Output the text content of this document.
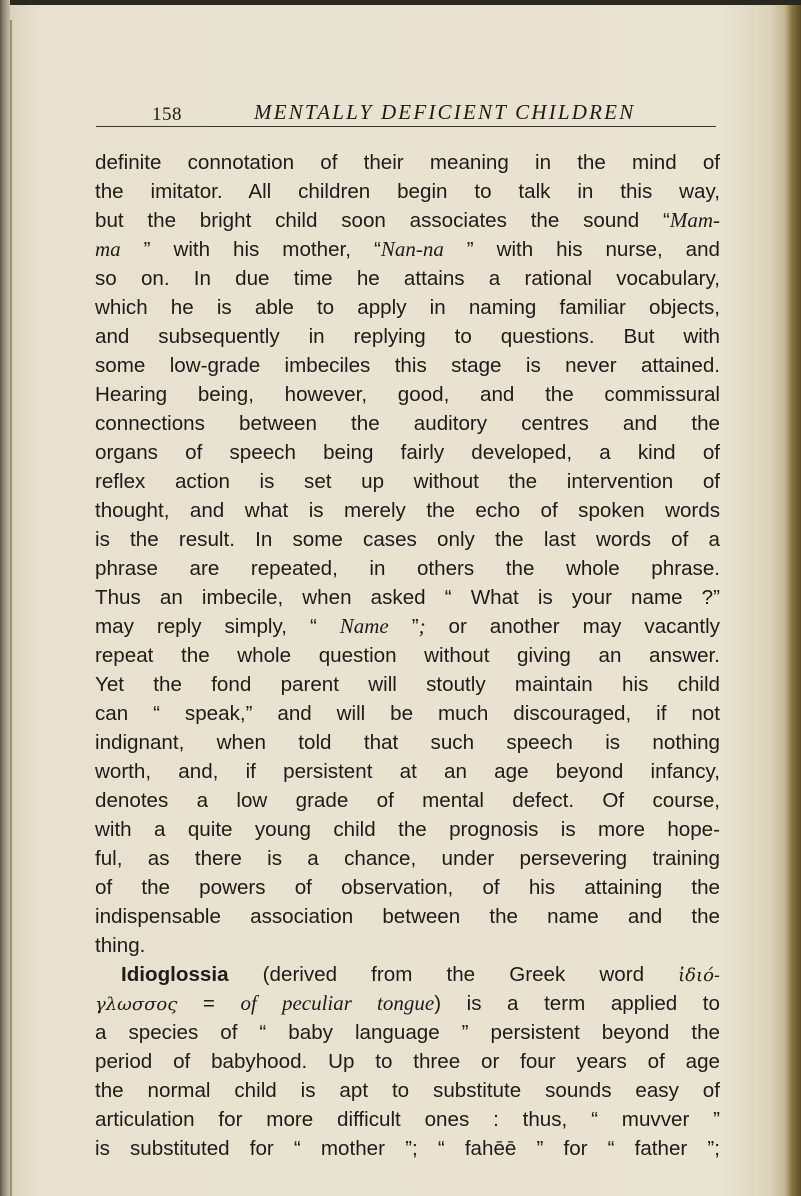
158	MENTALLY DEFICIENT CHILDREN
definite connotation of their meaning in the mind of
the imitator. All children begin to talk in this way,
but the bright child soon associates the sound “Mam-
ma ” with his mother, “Nan-na ” with his nurse, and
so on. In due time he attains a rational vocabulary,
which he is able to apply in naming familiar objects,
and subsequently in replying to questions. But with
some low-grade imbeciles this stage is never attained.
Hearing being, however, good, and the commissural
connections between the auditory centres and the
organs of speech being fairly developed, a kind of
reflex action is set up without the intervention of
thought, and what is merely the echo of spoken words
is the result. In some cases only the last words of a
phrase are repeated, in others the whole phrase.
Thus an imbecile, when asked “ What is your name ?”
may reply simply, “ Name ”; or another may vacantly
repeat the whole question without giving an answer.
Yet the fond parent will stoutly maintain his child
can “ speak,” and will be much discouraged, if not
indignant, when told that such speech is nothing
worth, and, if persistent at an age beyond infancy,
denotes a low grade of mental defect. Of course,
with a quite young child the prognosis is more hope-
ful, as there is a chance, under persevering training
of the powers of observation, of his attaining the
indispensable association between the name and the
thing.
Idioglossia (derived from the Greek word ἰδιό-
γλωσσος = of peculiar tongue) is a term applied to
a species of “ baby language ” persistent beyond the
period of babyhood. Up to three or four years of age
the normal child is apt to substitute sounds easy of
articulation for more difficult ones : thus, “ muvver ”
is substituted for “ mother ”; “ fahēē ” for “ father ”;
